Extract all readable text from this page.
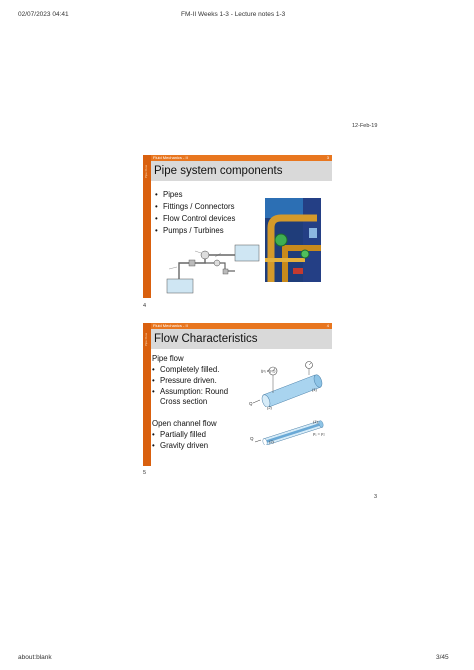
02/07/2023 04:41	FM-II Weeks 1-3 - Lecture notes 1-3
12-Feb-19
Pipe Flow
Fluid Mechanics - II	3
Pipe system components
• Pipes
• Fittings / Connectors
• Flow Control devices
• Pumps / Turbines
4
Pipe Flow
Fluid Mechanics - II	4
Flow Characteristics
Pipe flow
• Completely filled.
• Pressure driven.
• Assumption: Round
Cross section
Open channel flow
• Partially filled
• Gravity driven
(p₁ ≠ p₂)
Q
(2)
(1)
Q
(2)
(1)
p₁ = p₂
5
3
about:blank	3/45
